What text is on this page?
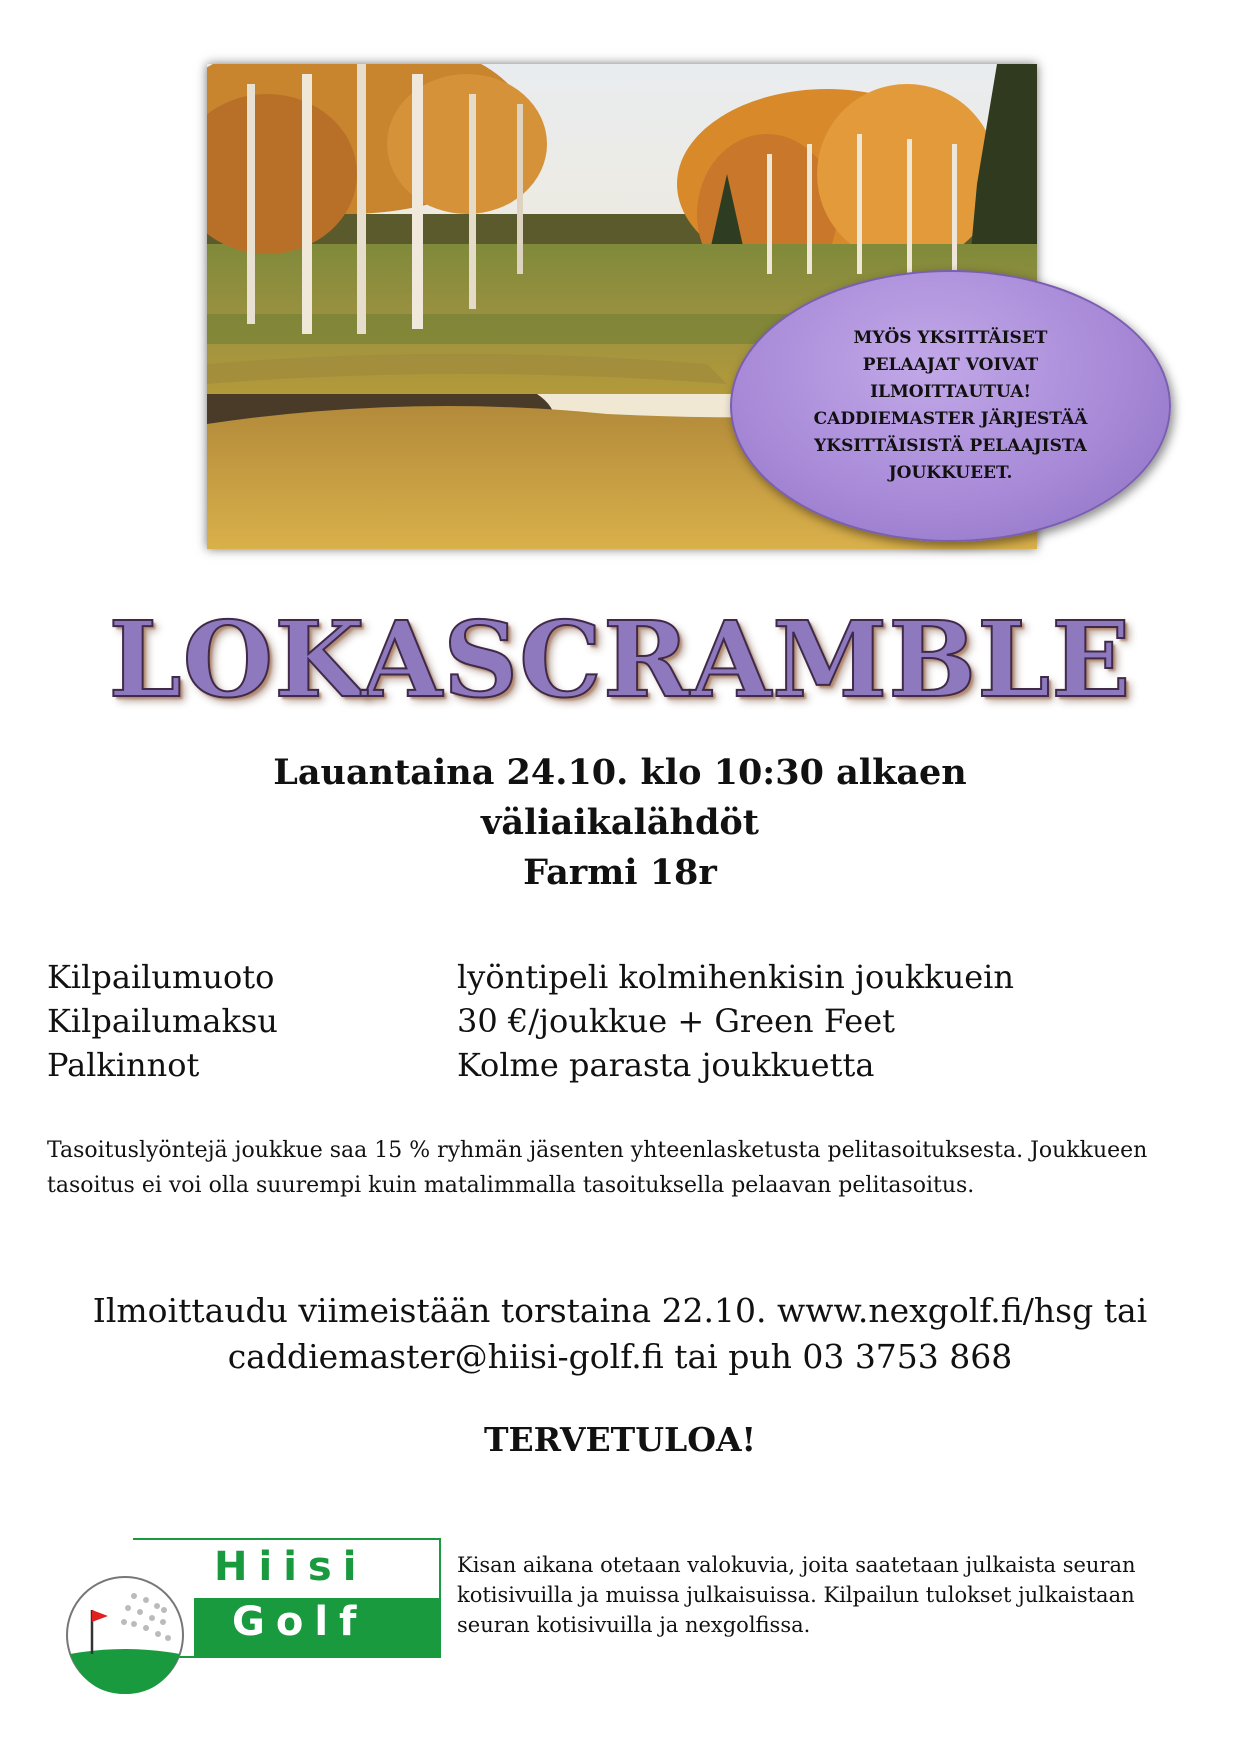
MYÖS YKSITTÄISET
PELAAJAT VOIVAT
ILMOITTAUTUA!
CADDIEMASTER JÄRJESTÄÄ
YKSITTÄISISTÄ PELAAJISTA
JOUKKUEET.
LOKASCRAMBLE
Lauantaina 24.10. klo 10:30 alkaen
väliaikalähdöt
Farmi 18r
Kilpailumuoto	lyöntipeli kolmihenkisin joukkuein
Kilpailumaksu	30 €/joukkue + Green Feet
Palkinnot	Kolme parasta joukkuetta
Tasoituslyöntejä joukkue saa 15 % ryhmän jäsenten yhteenlasketusta pelitasoituksesta. Joukkueen tasoitus ei voi olla suurempi kuin matalimmalla tasoituksella pelaavan pelitasoitus.
Ilmoittaudu viimeistään torstaina 22.10. www.nexgolf.fi/hsg tai
caddiemaster@hiisi-golf.fi tai puh 03 3753 868
TERVETULOA!
Hiisi
Golf
Kisan aikana otetaan valokuvia, joita saatetaan julkaista seuran kotisivuilla ja muissa julkaisuissa. Kilpailun tulokset julkaistaan seuran kotisivuilla ja nexgolfissa.
